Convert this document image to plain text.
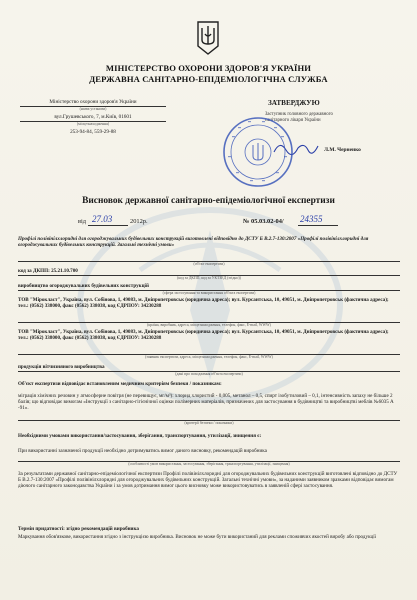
МІНІСТЕРСТВО ОХОРОНИ ЗДОРОВ'Я УКРАЇНИ
ДЕРЖАВНА САНІТАРНО-ЕПІДЕМІОЛОГІЧНА СЛУЖБА
Міністерство охорони здоров'я України
(назва установи)
вул.Грушевського, 7, м.Київ, 01601
(місцезнаходження)
253-94-84, 559-29-88
ЗАТВЕРДЖУЮ
Заступник головного державного
санітарного лікаря України
Л.М. Черненко
Висновок державної санітарно-епідеміологічної експертизи
від 27.03	2012р.	№ 05.03.02-04/ 24355
Профілі полівінілхлоридні для огороджувальних будівельних конструкцій виготовлені відповідно до ДСТУ Б В.2.7-130:2007 «Профілі полівінілхлоридні для огороджувальних будівельних конструкцій. Загальні технічні умови»
(об'єкт експертизи)
код за ДКПП: 25.21.10.700
(код за ДКПП, код за УКТЗЕД (згідно))
виробництво огороджувальних будівельних конструкцій
(сфера застосування та використання об'єкта експертизи)
ТОВ "Мірокласт", Україна, вул. Собінова, 1, 49083, м. Дніпропетровськ (юридична адреса); вул. Курсантська, 10, 49051, м. Дніпропетровськ (фактична адреса); тел.: (0562) 338000, факс (0562) 338038, код ЄДРПОУ: 34230288
(країна, виробник, адреса, місцезнаходження, телефон, факс, E-mail, WWW)
ТОВ "Мірокласт", Україна, вул. Собінова, 1, 49083, м. Дніпропетровськ (юридична адреса); вул. Курсантська, 10, 49051, м. Дніпропетровськ (фактична адреса); тел.: (0562) 338000, факс (0562) 338038, код ЄДРПОУ: 34230288
(заявник експертизи, адреса, місцезнаходження, телефон, факс, E-mail, WWW)
продукція вітчизняного виробництва
(дані про походження об'єкта експертизи)
Об'єкт експертизи відповідає встановленим медичним критеріям безпеки / показникам:
міграція хімічних речовин у атмосферне повітря (не перевищує, мг/м³): хлорид хлористий - 0,005, метанол – 0,5, спирт ізобутиловий – 0,1, інтенсивність запаху не більше 2 балів; що відповідає вимогам «Інструкції з санітарно-гігієнічної оцінки полімерних матеріалів, призначених для застосування в будівництві та виробництві меблів №6035 А -91».
(критерії безпеки / показники)
Необхідними умовами використання/застосування, зберігання, транспортування, утилізації, знищення є:
При використанні зазначеної продукції необхідно дотримуватись вимог даного висновку, рекомендацій виробника
(особливості умов використання, застосування, зберігання, транспортування, утилізації, знищення)
За результатами державної санітарно-епідеміологічної експертизи Профілі полівінілхлоридні для огороджувальних будівельних конструкцій виготовлені відповідно до ДСТУ Б В.2.7-130:2007 «Профілі полівінілхлоридні для огороджувальних будівельних конструкцій. Загальні технічні умови», за наданими заявником зразками відповідає вимогам діючого санітарного законодавства України і за умов дотримання вимог цього висновку може використовуватись в заявленій сфері застосування.
Термін придатності: згідно рекомендацій виробника
Маркування обов'язкове, використання згідно з інструкцією виробника. Висновок не може бути використаний для реклами споживчих якостей виробу або продукції
